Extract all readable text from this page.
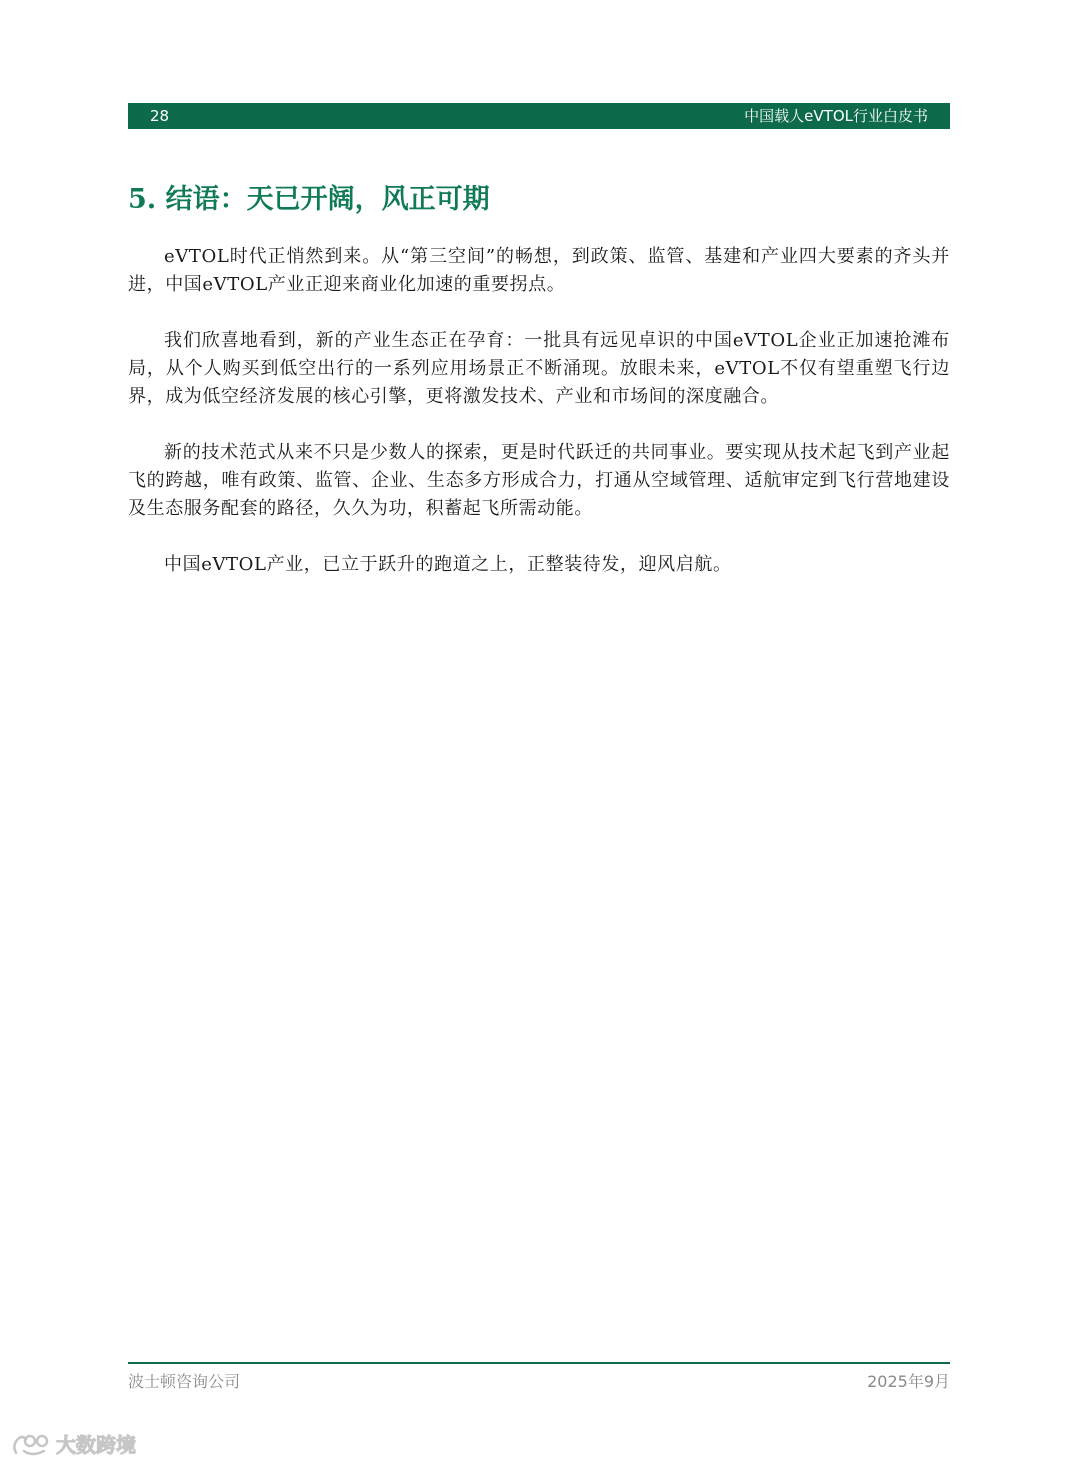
28	中国载人eVTOL行业白皮书
5. 结语：天已开阔，风正可期

eVTOL时代正悄然到来。从“第三空间”的畅想，到政策、监管、基建和产业四大要素的齐头并进，中国eVTOL产业正迎来商业化加速的重要拐点。

我们欣喜地看到，新的产业生态正在孕育：一批具有远见卓识的中国eVTOL企业正加速抢滩布局，从个人购买到低空出行的一系列应用场景正不断涌现。放眼未来，eVTOL不仅有望重塑飞行边界，成为低空经济发展的核心引擎，更将激发技术、产业和市场间的深度融合。

新的技术范式从来不只是少数人的探索，更是时代跃迁的共同事业。要实现从技术起飞到产业起飞的跨越，唯有政策、监管、企业、生态多方形成合力，打通从空域管理、适航审定到飞行营地建设及生态服务配套的路径，久久为功，积蓄起飞所需动能。

中国eVTOL产业，已立于跃升的跑道之上，正整装待发，迎风启航。

波士顿咨询公司	2025年9月
大数跨境
